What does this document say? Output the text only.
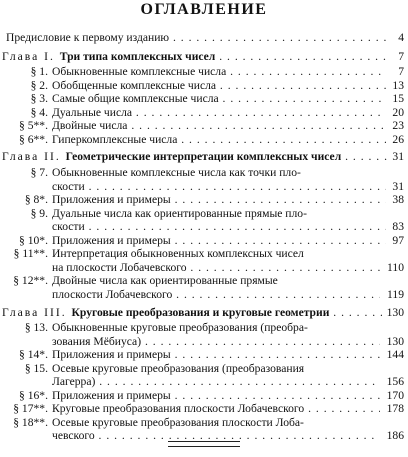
ОГЛАВЛЕНИЕ
Предисловие к первому изданию . . .	4
Глава I. Три типа комплексных чисел . . .	7
§ 1. Обыкновенные комплексные числа . . .	7
§ 2. Обобщенные комплексные числа . . .	13
§ 3. Самые общие комплексные числа . . .	15
§ 4. Дуальные числа . . .	20
§ 5**. Двойные числа . . .	23
§ 6**. Гиперкомплексные числа . . .	26
Глава II. Геометрические интерпретации комплексных чисел . . .	31
§ 7. Обыкновенные комплексные числа как точки пло-
скости . . .	31
§ 8*. Приложения и примеры . . .	38
§ 9. Дуальные числа как ориентированные прямые пло-
скости . . .	83
§ 10*. Приложения и примеры . . .	97
§ 11**. Интерпретация обыкновенных комплексных чисел
на плоскости Лобачевского . . .	110
§ 12**. Двойные числа как ориентированные прямые
плоскости Лобачевского . . .	119
Глава III. Круговые преобразования и круговые геометрии . . .	130
§ 13. Обыкновенные круговые преобразования (преобра-
зования Мёбиуса) . . .	130
§ 14*. Приложения и примеры . . .	144
§ 15. Осевые круговые преобразования (преобразования
Лагерра) . . .	156
§ 16*. Приложения и примеры . . .	170
§ 17**. Круговые преобразования плоскости Лобачевского . . .	178
§ 18**. Осевые круговые преобразования плоскости Лоба-
чевского . . .	186
